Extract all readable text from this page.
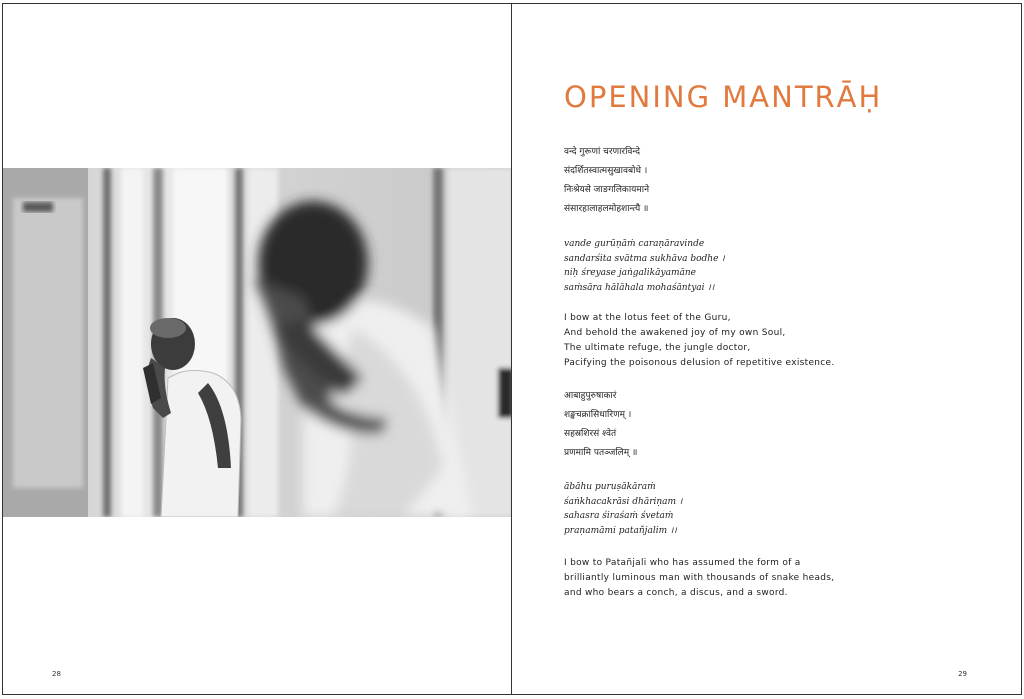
28
OPENING MANTRĀḤ
वन्दे गुरूणां चरणारविन्दे
संदर्शितस्वात्मसुखावबोधे ।
निःश्रेयसे जाङगलिकायमाने
संसारहालाहलमोहशान्त्यै ॥
vande gurūṇāṁ caraṇāravinde
sandarśita svātma sukhāva bodhe ।
niḥ śreyase jaṅgalikāyamāne
saṁsāra hālāhala mohaśāntyai ।।
I bow at the lotus feet of the Guru,
And behold the awakened joy of my own Soul,
The ultimate refuge, the jungle doctor,
Pacifying the poisonous delusion of repetitive existence.
आबाहुपुरुषाकारं
शङ्खचक्रासिधारिणम् ।
सहस्रशिरसं श्वेतं
प्रणमामि पतञ्जलिम् ॥
ābāhu puruṣākāraṁ
śaṅkhacakrāsi dhāriṇam ।
sahasra śiraśaṁ śvetaṁ
praṇamāmi patañjalim ।।
I bow to Patañjali who has assumed the form of a
brilliantly luminous man with thousands of snake heads,
and who bears a conch, a discus, and a sword.
29
